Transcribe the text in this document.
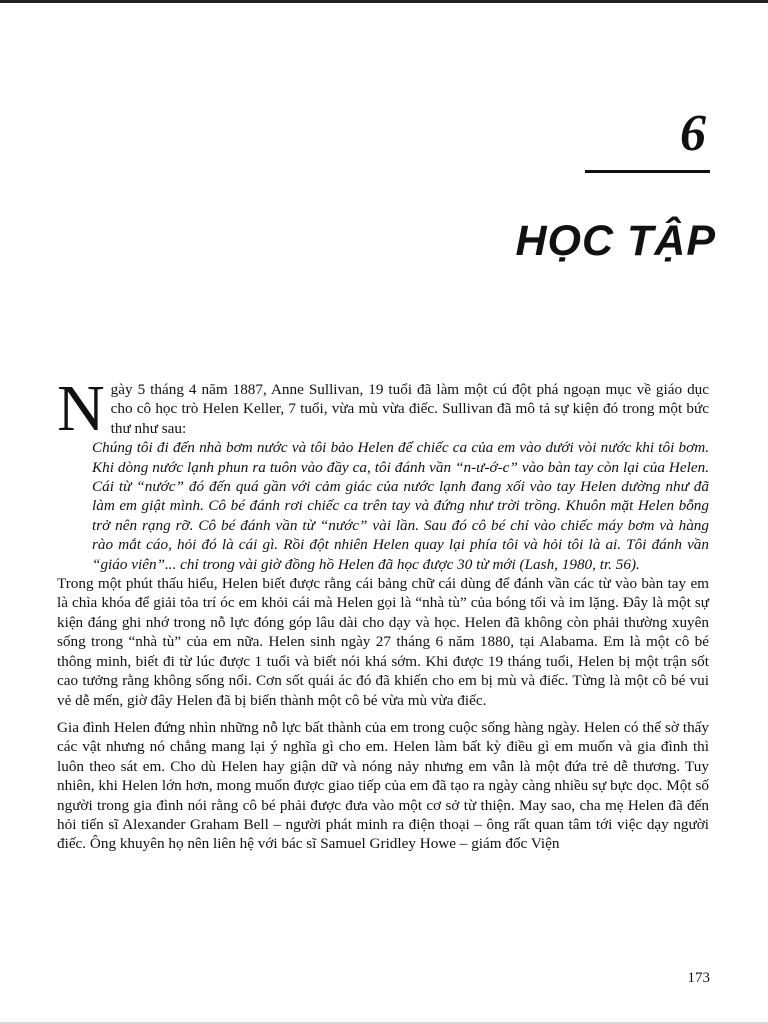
6
HỌC TẬP

Ngày 5 tháng 4 năm 1887, Anne Sullivan, 19 tuổi đã làm một cú đột phá ngoạn mục về giáo dục cho cô học trò Helen Keller, 7 tuổi, vừa mù vừa điếc. Sullivan đã mô tả sự kiện đó trong một bức thư như sau:

Chúng tôi đi đến nhà bơm nước và tôi bảo Helen để chiếc ca của em vào dưới vòi nước khi tôi bơm. Khi dòng nước lạnh phun ra tuôn vào đầy ca, tôi đánh vần “n-ư-ớ-c” vào bàn tay còn lại của Helen. Cái từ “nước” đó đến quá gần với cảm giác của nước lạnh đang xối vào tay Helen dường như đã làm em giật mình. Cô bé đánh rơi chiếc ca trên tay và đứng như trời trồng. Khuôn mặt Helen bỗng trở nên rạng rỡ. Cô bé đánh vần từ “nước” vài lần. Sau đó cô bé chỉ vào chiếc máy bơm và hàng rào mắt cáo, hỏi đó là cái gì. Rồi đột nhiên Helen quay lại phía tôi và hỏi tôi là ai. Tôi đánh vần “giáo viên”... chỉ trong vài giờ đồng hồ Helen đã học được 30 từ mới (Lash, 1980, tr. 56).

Trong một phút thấu hiểu, Helen biết được rằng cái bảng chữ cái dùng để đánh vần các từ vào bàn tay em là chìa khóa để giải tỏa trí óc em khỏi cái mà Helen gọi là “nhà tù” của bóng tối và im lặng. Đây là một sự kiện đáng ghi nhớ trong nỗ lực đóng góp lâu dài cho dạy và học. Helen đã không còn phải thường xuyên sống trong “nhà tù” của em nữa. Helen sinh ngày 27 tháng 6 năm 1880, tại Alabama. Em là một cô bé thông minh, biết đi từ lúc được 1 tuổi và biết nói khá sớm. Khi được 19 tháng tuổi, Helen bị một trận sốt cao tưởng rằng không sống nổi. Cơn sốt quái ác đó đã khiến cho em bị mù và điếc. Từng là một cô bé vui vẻ dễ mến, giờ đây Helen đã bị biến thành một cô bé vừa mù vừa điếc.

Gia đình Helen đứng nhìn những nỗ lực bất thành của em trong cuộc sống hàng ngày. Helen có thể sờ thấy các vật nhưng nó chẳng mang lại ý nghĩa gì cho em. Helen làm bất kỳ điều gì em muốn và gia đình thì luôn theo sát em. Cho dù Helen hay giận dữ và nóng nảy nhưng em vẫn là một đứa trẻ dễ thương. Tuy nhiên, khi Helen lớn hơn, mong muốn được giao tiếp của em đã tạo ra ngày càng nhiều sự bực dọc. Một số người trong gia đình nói rằng cô bé phải được đưa vào một cơ sở từ thiện. May sao, cha mẹ Helen đã đến hỏi tiến sĩ Alexander Graham Bell – người phát minh ra điện thoại – ông rất quan tâm tới việc dạy người điếc. Ông khuyên họ nên liên hệ với bác sĩ Samuel Gridley Howe – giám đốc Viện

173
